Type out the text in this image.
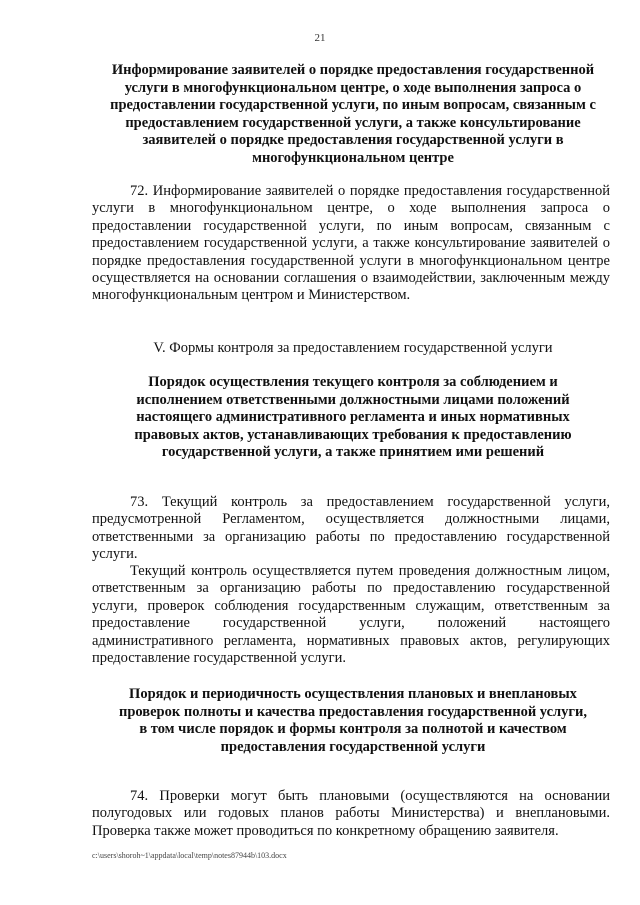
21
Информирование заявителей о порядке предоставления государственной услуги в многофункциональном центре, о ходе выполнения запроса о предоставлении государственной услуги, по иным вопросам, связанным с предоставлением государственной услуги, а также консультирование заявителей о порядке предоставления государственной услуги в многофункциональном центре

72. Информирование заявителей о порядке предоставления государственной услуги в многофункциональном центре, о ходе выполнения запроса о предоставлении государственной услуги, по иным вопросам, связанным с предоставлением государственной услуги, а также консультирование заявителей о порядке предоставления государственной услуги в многофункциональном центре осуществляется на основании соглашения о взаимодействии, заключенным между многофункциональным центром и Министерством.

V. Формы контроля за предоставлением государственной услуги
Порядок осуществления текущего контроля за соблюдением и исполнением ответственными должностными лицами положений настоящего административного регламента и иных нормативных правовых актов, устанавливающих требования к предоставлению государственной услуги, а также принятием ими решений

73. Текущий контроль за предоставлением государственной услуги, предусмотренной Регламентом, осуществляется должностными лицами, ответственными за организацию работы по предоставлению государственной услуги.

Текущий контроль осуществляется путем проведения должностным лицом, ответственным за организацию работы по предоставлению государственной услуги, проверок соблюдения государственным служащим, ответственным за предоставление государственной услуги, положений настоящего административного регламента, нормативных правовых актов, регулирующих предоставление государственной услуги.

Порядок и периодичность осуществления плановых и внеплановых проверок полноты и качества предоставления государственной услуги, в том числе порядок и формы контроля за полнотой и качеством предоставления государственной услуги

74. Проверки могут быть плановыми (осуществляются на основании полугодовых или годовых планов работы Министерства) и внеплановыми. Проверка также может проводиться по конкретному обращению заявителя.

c:\users\shoroh~1\appdata\local\temp\notes87944b\103.docx
